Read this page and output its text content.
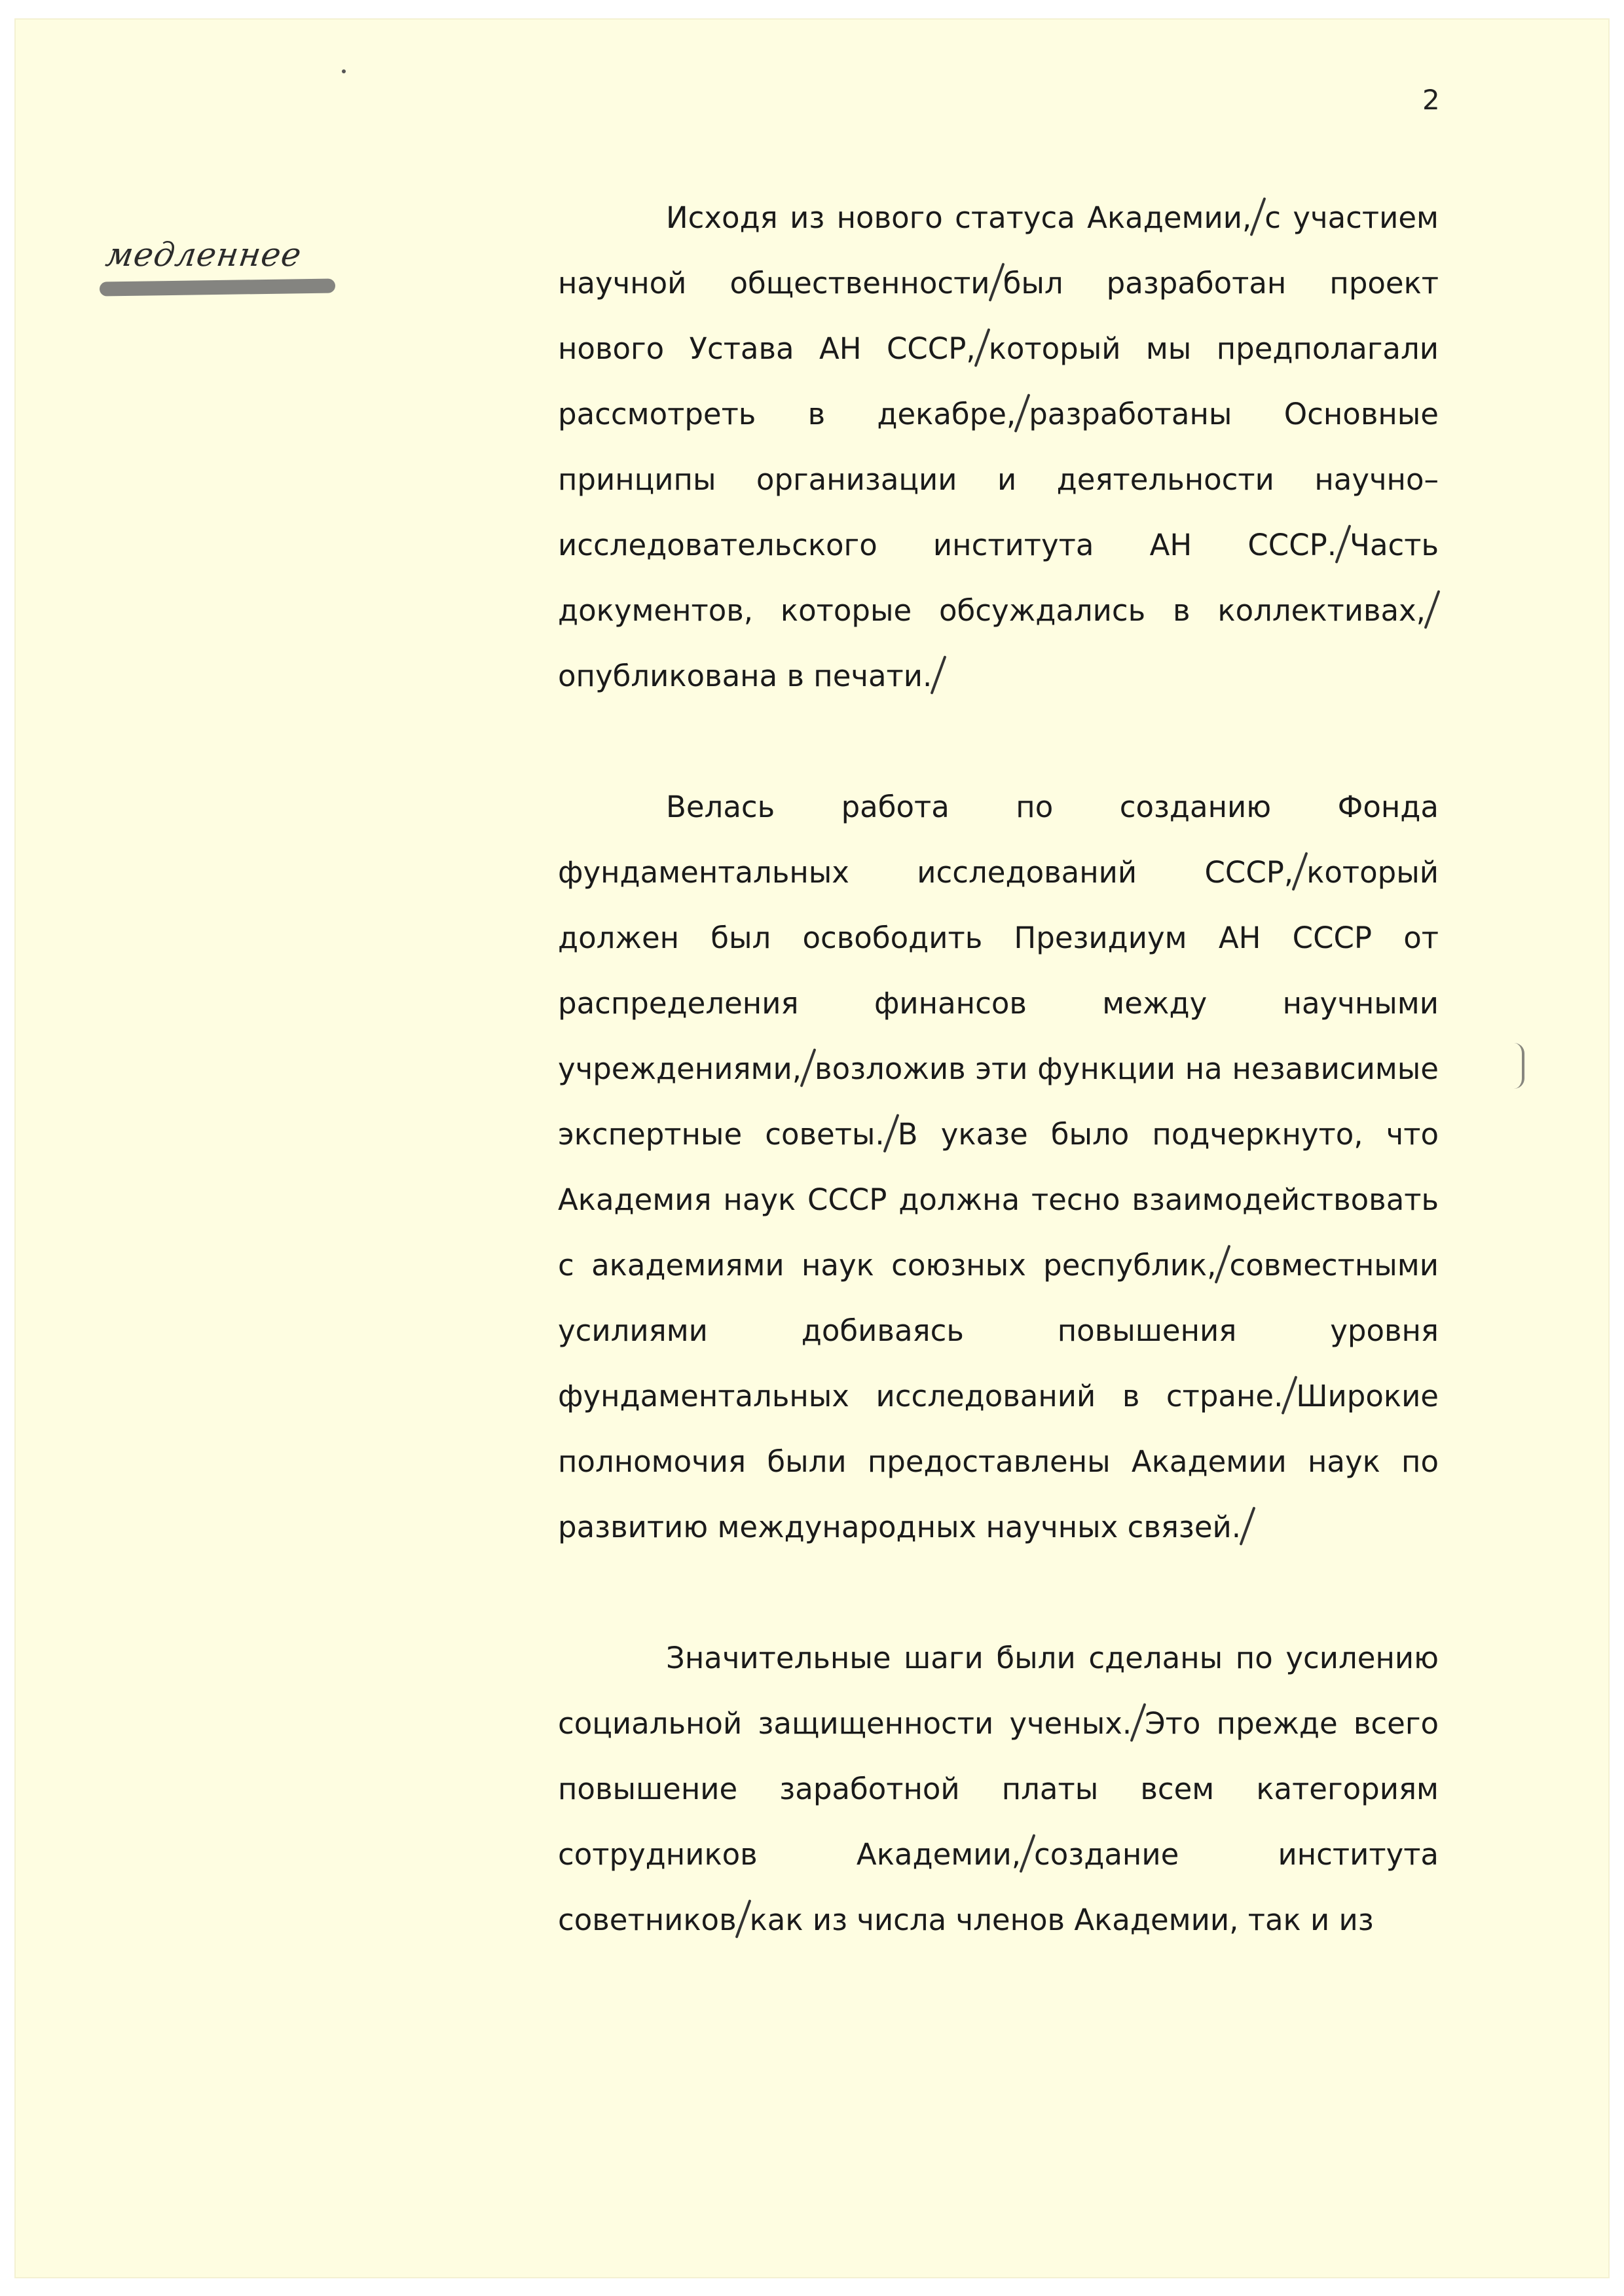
2
медленнее

Исходя из нового статуса Академии, с участием научной общественности был разработан проект нового Устава АН СССР, который мы предполагали рассмотреть в декабре, разработаны Основные принципы организации и деятельности научно–исследовательского института АН СССР. Часть документов, которые обсуждались в коллективах,опубликована в печати.

Велась работа по созданию Фонда фундаментальных исследований СССР, который должен был освободить Президиум АН СССР от распределения финансов между научными учреждениями, возложив эти функции на независимые экспертные советы. В указе было подчеркнуто, что Академия наук СССР должна тесно взаимодействовать с академиями наук союзных республик, совместными усилиями добиваясь повышения уровня фундаментальных исследований в стране. Широкие полномочия были предоставлены Академии наук по развитию международных научных связей.

Значительные шаги были сделаны по усилению социальной защищенности ученых. Это прежде всего повышение заработной платы всем категориям сотрудников Академии, создание института советников как из числа членов Академии, так и из
